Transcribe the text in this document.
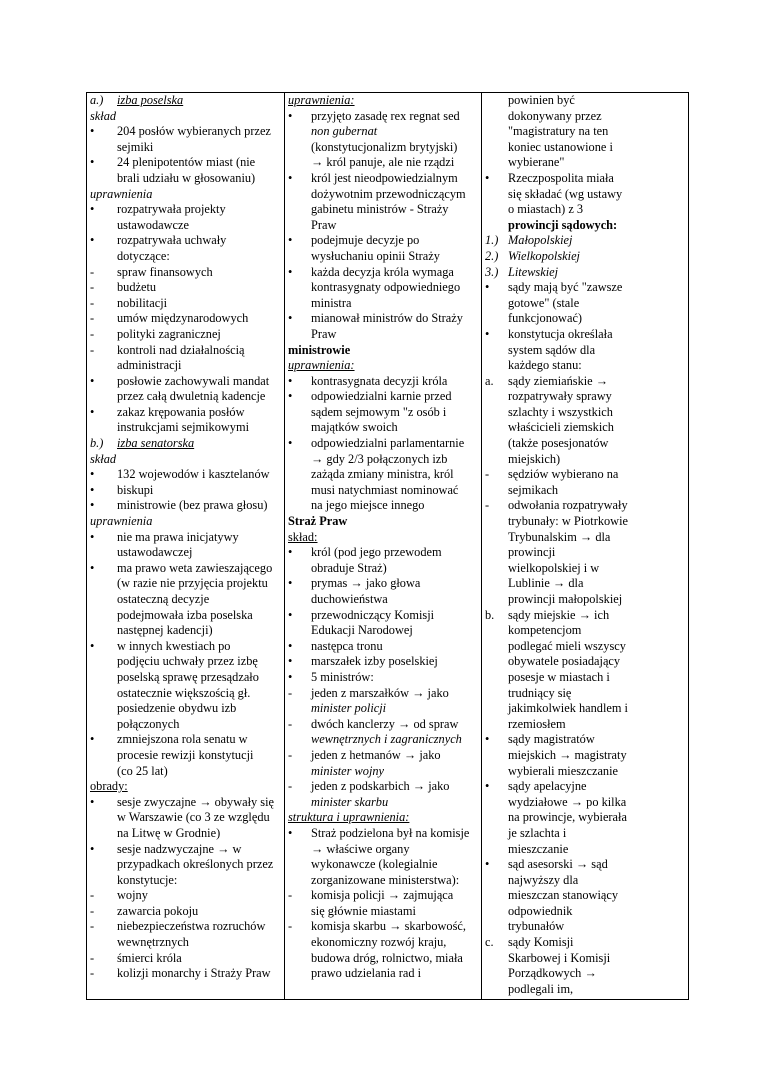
a.) izba poselska
skład
• 204 posłów wybieranych przez
sejmiki
• 24 plenipotentów miast (nie
brali udziału w głosowaniu)
uprawnienia
• rozpatrywała projekty
ustawodawcze
• rozpatrywała uchwały
dotyczące:
- spraw finansowych
- budżetu
- nobilitacji
- umów międzynarodowych
- polityki zagranicznej
- kontroli nad działalnością
administracji
• posłowie zachowywali mandat
przez całą dwuletnią kadencje
• zakaz krępowania posłów
instrukcjami sejmikowymi
b.) izba senatorska
skład
• 132 wojewodów i kasztelanów
• biskupi
• ministrowie (bez prawa głosu)
uprawnienia
• nie ma prawa inicjatywy
ustawodawczej
• ma prawo weta zawieszającego
(w razie nie przyjęcia projektu
ostateczną decyzje
podejmowała izba poselska
następnej kadencji)
• w innych kwestiach po
podjęciu uchwały przez izbę
poselską sprawę przesądzało
ostatecznie większością gł.
posiedzenie obydwu izb
połączonych
• zmniejszona rola senatu w
procesie rewizji konstytucji
(co 25 lat)
obrady:
• sesje zwyczajne → obywały się
w Warszawie (co 3 ze względu
na Litwę w Grodnie)
• sesje nadzwyczajne → w
przypadkach określonych przez
konstytucje:
- wojny
- zawarcia pokoju
- niebezpieczeństwa rozruchów
wewnętrznych
- śmierci króla
- kolizji monarchy i Straży Praw

uprawnienia:
• przyjęto zasadę rex regnat sed
non gubernat
(konstytucjonalizm brytyjski)
→ król panuje, ale nie rządzi
• król jest nieodpowiedzialnym
dożywotnim przewodniczącym
gabinetu ministrów - Straży
Praw
• podejmuje decyzje po
wysłuchaniu opinii Straży
• każda decyzja króla wymaga
kontrasygnaty odpowiedniego
ministra
• mianował ministrów do Straży
Praw
ministrowie
uprawnienia:
• kontrasygnata decyzji króla
• odpowiedzialni karnie przed
sądem sejmowym "z osób i
majątków swoich
• odpowiedzialni parlamentarnie
→ gdy 2/3 połączonych izb
zażąda zmiany ministra, król
musi natychmiast nominować
na jego miejsce innego
Straż Praw
skład:
• król (pod jego przewodem
obraduje Straż)
• prymas → jako głowa
duchowieństwa
• przewodniczący Komisji
Edukacji Narodowej
• następca tronu
• marszałek izby poselskiej
• 5 ministrów:
- jeden z marszałków → jako
minister policji
- dwóch kanclerzy → od spraw
wewnętrznych i zagranicznych
- jeden z hetmanów → jako
minister wojny
- jeden z podskarbich → jako
minister skarbu
struktura i uprawnienia:
• Straż podzielona był na komisje
→ właściwe organy
wykonawcze (kolegialnie
zorganizowane ministerstwa):
- komisja policji → zajmująca
się głównie miastami
- komisja skarbu → skarbowość,
ekonomiczny rozwój kraju,
budowa dróg, rolnictwo, miała
prawo udzielania rad i

powinien być
dokonywany przez
"magistratury na ten
koniec ustanowione i
wybierane"
• Rzeczpospolita miała
się składać (wg ustawy
o miastach) z 3
prowincji sądowych:
1.) Małopolskiej
2.) Wielkopolskiej
3.) Litewskiej
• sądy mają być "zawsze
gotowe" (stale
funkcjonować)
• konstytucja określała
system sądów dla
każdego stanu:
a. sądy ziemiańskie →
rozpatrywały sprawy
szlachty i wszystkich
właścicieli ziemskich
(także posesjonatów
miejskich)
- sędziów wybierano na
sejmikach
- odwołania rozpatrywały
trybunały: w Piotrkowie
Trybunalskim → dla
prowincji
wielkopolskiej i w
Lublinie → dla
prowincji małopolskiej
b. sądy miejskie → ich
kompetencjom
podlegać mieli wszyscy
obywatele posiadający
posesje w miastach i
trudniący się
jakimkolwiek handlem i
rzemiosłem
• sądy magistratów
miejskich → magistraty
wybierali mieszczanie
• sądy apelacyjne
wydziałowe → po kilka
na prowincje, wybierała
je szlachta i
mieszczanie
• sąd asesorski → sąd
najwyższy dla
mieszczan stanowiący
odpowiednik
trybunałów
c. sądy Komisji
Skarbowej i Komisji
Porządkowych →
podlegali im,
